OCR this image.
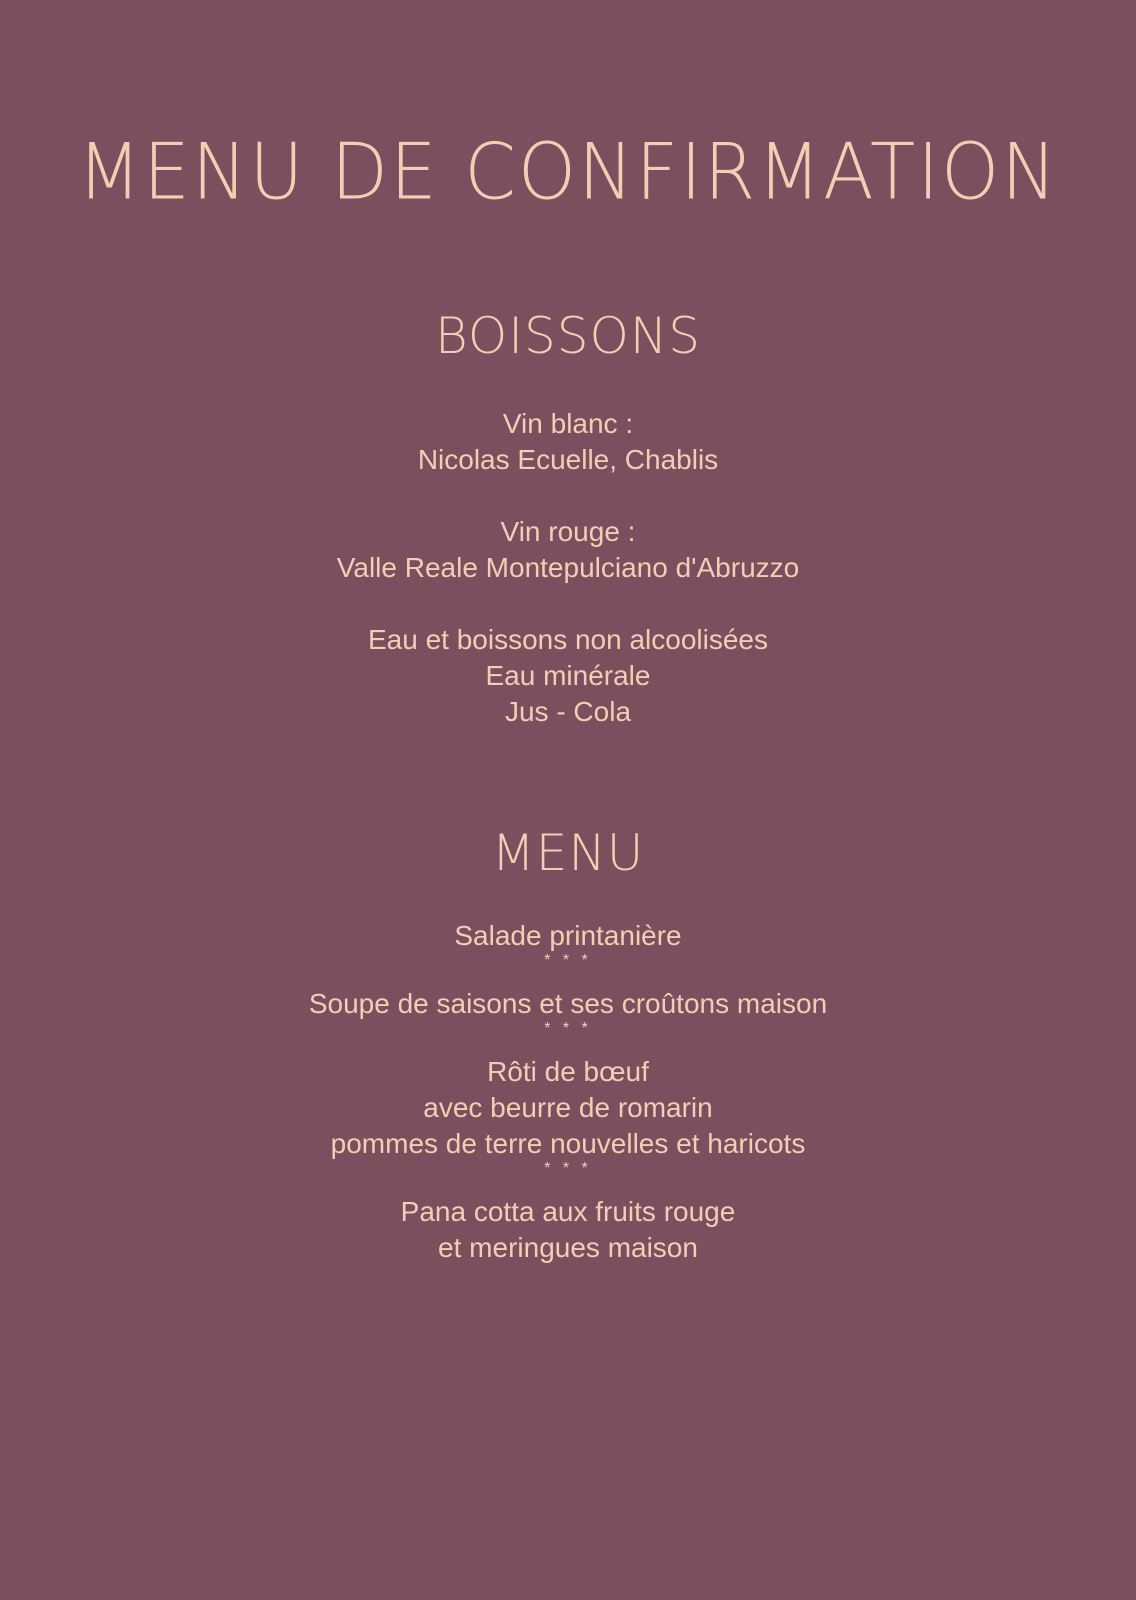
MENU DE CONFIRMATION
BOISSONS
Vin blanc :
Nicolas Ecuelle, Chablis
Vin rouge :
Valle Reale Montepulciano d'Abruzzo
Eau et boissons non alcoolisées
Eau minérale
Jus - Cola
MENU
Salade printanière
* * *
Soupe de saisons et ses croûtons maison
* * *
Rôti de bœuf
avec beurre de romarin
pommes de terre nouvelles et haricots
* * *
Pana cotta aux fruits rouge
et meringues maison
